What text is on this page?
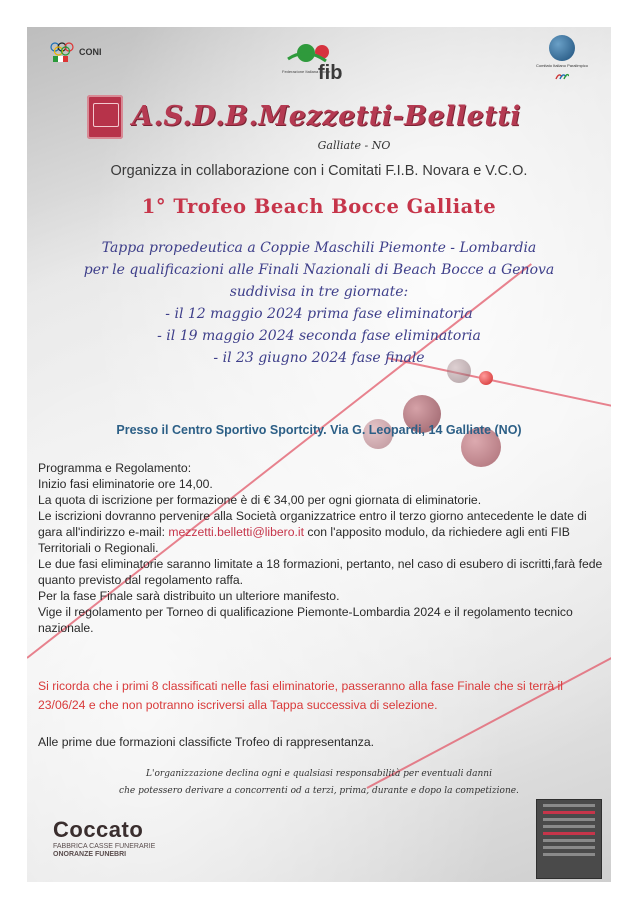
CONI
fib
Federazione Italiana Bocce
Comitato Italiano Paralimpico
A.S.D.B.Mezzetti-Belletti
Galliate - NO
Organizza in collaborazione con i Comitati F.I.B. Novara e V.C.O.
1° Trofeo Beach Bocce Galliate
Tappa propedeutica a Coppie Maschili Piemonte - Lombardia
per le qualificazioni alle Finali Nazionali di Beach Bocce a Genova
suddivisa in tre giornate:
- il 12 maggio 2024 prima fase eliminatoria
- il 19 maggio 2024 seconda fase eliminatoria
- il 23 giugno 2024 fase finale
Presso il Centro Sportivo Sportcity. Via G. Leopardi, 14 Galliate (NO)

Programma e Regolamento:

Inizio fasi eliminatorie ore 14,00.

La quota di iscrizione per formazione è di € 34,00 per ogni giornata di eliminatorie.

Le iscrizioni dovranno pervenire alla Società organizzatrice entro il terzo giorno antecedente le date di gara all'indirizzo e-mail: mezzetti.belletti@libero.it con l'apposito modulo, da richiedere agli enti FIB Territoriali o Regionali.

Le due fasi eliminatorie saranno limitate a 18 formazioni, pertanto, nel caso di esubero di iscritti,farà fede quanto previsto dal regolamento raffa.

Per la fase Finale sarà distribuito un ulteriore manifesto.

Vige il regolamento per Torneo di qualificazione Piemonte-Lombardia 2024 e il regolamento tecnico nazionale.

Si ricorda che i primi 8 classificati nelle fasi eliminatorie, passeranno alla fase Finale che si terrà il 23/06/24 e che non potranno iscriversi alla Tappa successiva di selezione.
Alle prime due formazioni classificte Trofeo di rappresentanza.
L'organizzazione declina ogni e qualsiasi responsabilità per eventuali danni
che potessero derivare a concorrenti od a terzi, prima, durante e dopo la competizione.
Coccato
FABBRICA CASSE FUNERARIE
ONORANZE FUNEBRI
